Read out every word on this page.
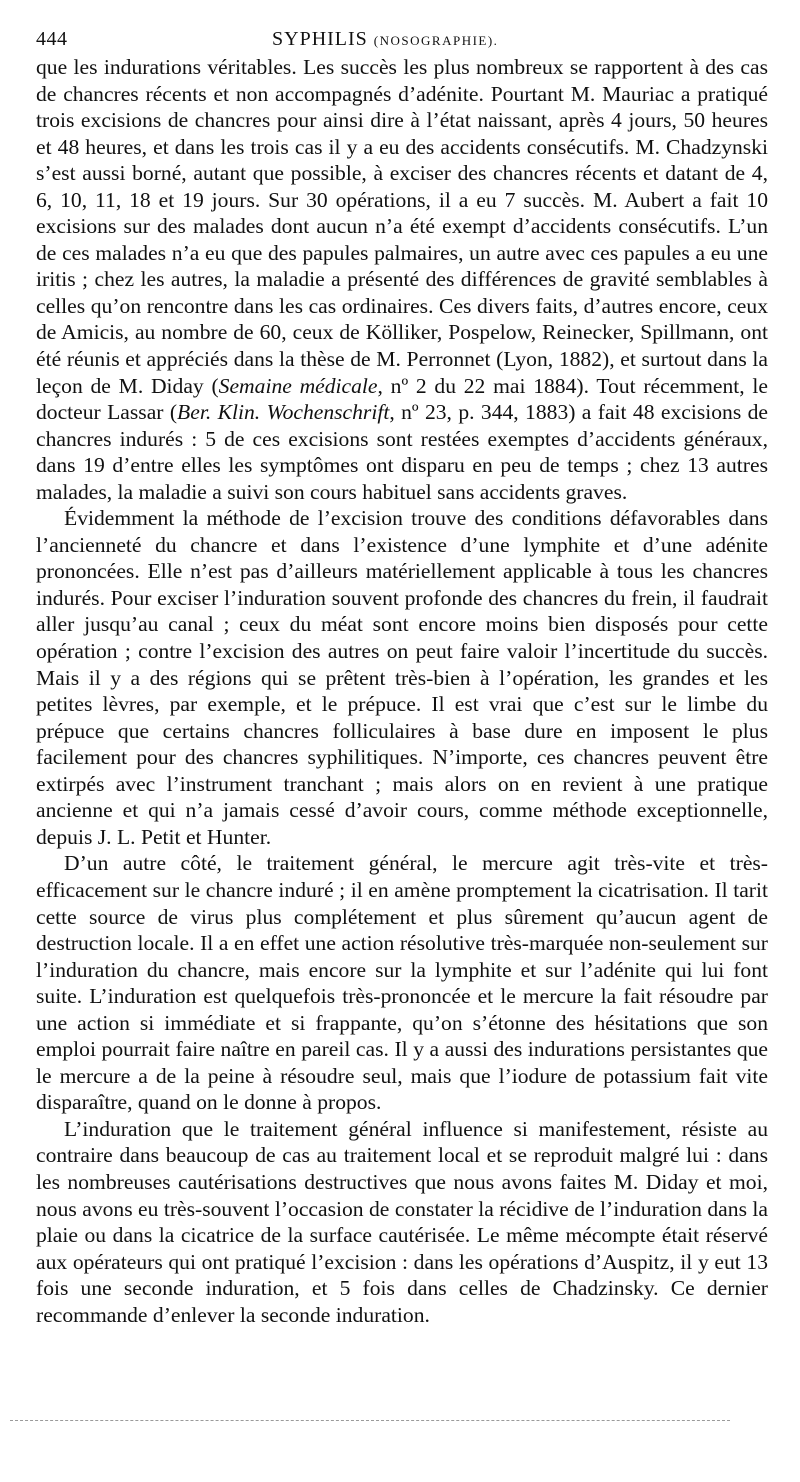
444	SYPHILIS (NOSOGRAPHIE).

que les indurations véritables. Les succès les plus nombreux se rapportent à des cas de chancres récents et non accompagnés d’adénite. Pourtant M. Mauriac a pratiqué trois excisions de chancres pour ainsi dire à l’état naissant, après 4 jours, 50 heures et 48 heures, et dans les trois cas il y a eu des accidents consécutifs. M. Chadzynski s’est aussi borné, autant que possible, à exciser des chancres récents et datant de 4, 6, 10, 11, 18 et 19 jours. Sur 30 opérations, il a eu 7 succès. M. Aubert a fait 10 excisions sur des malades dont aucun n’a été exempt d’accidents consécutifs. L’un de ces malades n’a eu que des papules palmaires, un autre avec ces papules a eu une iritis ; chez les autres, la maladie a présenté des différences de gravité semblables à celles qu’on rencontre dans les cas ordinaires. Ces divers faits, d’autres encore, ceux de Amicis, au nombre de 60, ceux de Kölliker, Pospelow, Reinecker, Spillmann, ont été réunis et appréciés dans la thèse de M. Perronnet (Lyon, 1882), et surtout dans la leçon de M. Diday (Semaine médicale, nº 2 du 22 mai 1884). Tout récemment, le docteur Lassar (Ber. Klin. Wochenschrift, nº 23, p. 344, 1883) a fait 48 excisions de chancres indurés : 5 de ces excisions sont restées exemptes d’accidents généraux, dans 19 d’entre elles les symptômes ont disparu en peu de temps ; chez 13 autres malades, la maladie a suivi son cours habituel sans accidents graves.

Évidemment la méthode de l’excision trouve des conditions défavorables dans l’ancienneté du chancre et dans l’existence d’une lymphite et d’une adénite prononcées. Elle n’est pas d’ailleurs matériellement applicable à tous les chancres indurés. Pour exciser l’induration souvent profonde des chancres du frein, il faudrait aller jusqu’au canal ; ceux du méat sont encore moins bien disposés pour cette opération ; contre l’excision des autres on peut faire valoir l’incertitude du succès. Mais il y a des régions qui se prêtent très-bien à l’opération, les grandes et les petites lèvres, par exemple, et le prépuce. Il est vrai que c’est sur le limbe du prépuce que certains chancres folliculaires à base dure en imposent le plus facilement pour des chancres syphilitiques. N’importe, ces chancres peuvent être extirpés avec l’instrument tranchant ; mais alors on en revient à une pratique ancienne et qui n’a jamais cessé d’avoir cours, comme méthode exceptionnelle, depuis J. L. Petit et Hunter.

D’un autre côté, le traitement général, le mercure agit très-vite et très-efficacement sur le chancre induré ; il en amène promptement la cicatrisation. Il tarit cette source de virus plus complétement et plus sûrement qu’aucun agent de destruction locale. Il a en effet une action résolutive très-marquée non-seulement sur l’induration du chancre, mais encore sur la lymphite et sur l’adénite qui lui font suite. L’induration est quelquefois très-prononcée et le mercure la fait résoudre par une action si immédiate et si frappante, qu’on s’étonne des hésitations que son emploi pourrait faire naître en pareil cas. Il y a aussi des indurations persistantes que le mercure a de la peine à résoudre seul, mais que l’iodure de potassium fait vite disparaître, quand on le donne à propos.

L’induration que le traitement général influence si manifestement, résiste au contraire dans beaucoup de cas au traitement local et se reproduit malgré lui : dans les nombreuses cautérisations destructives que nous avons faites M. Diday et moi, nous avons eu très-souvent l’occasion de constater la récidive de l’induration dans la plaie ou dans la cicatrice de la surface cautérisée. Le même mécompte était réservé aux opérateurs qui ont pratiqué l’excision : dans les opérations d’Auspitz, il y eut 13 fois une seconde induration, et 5 fois dans celles de Chadzinsky. Ce dernier recommande d’enlever la seconde induration.
